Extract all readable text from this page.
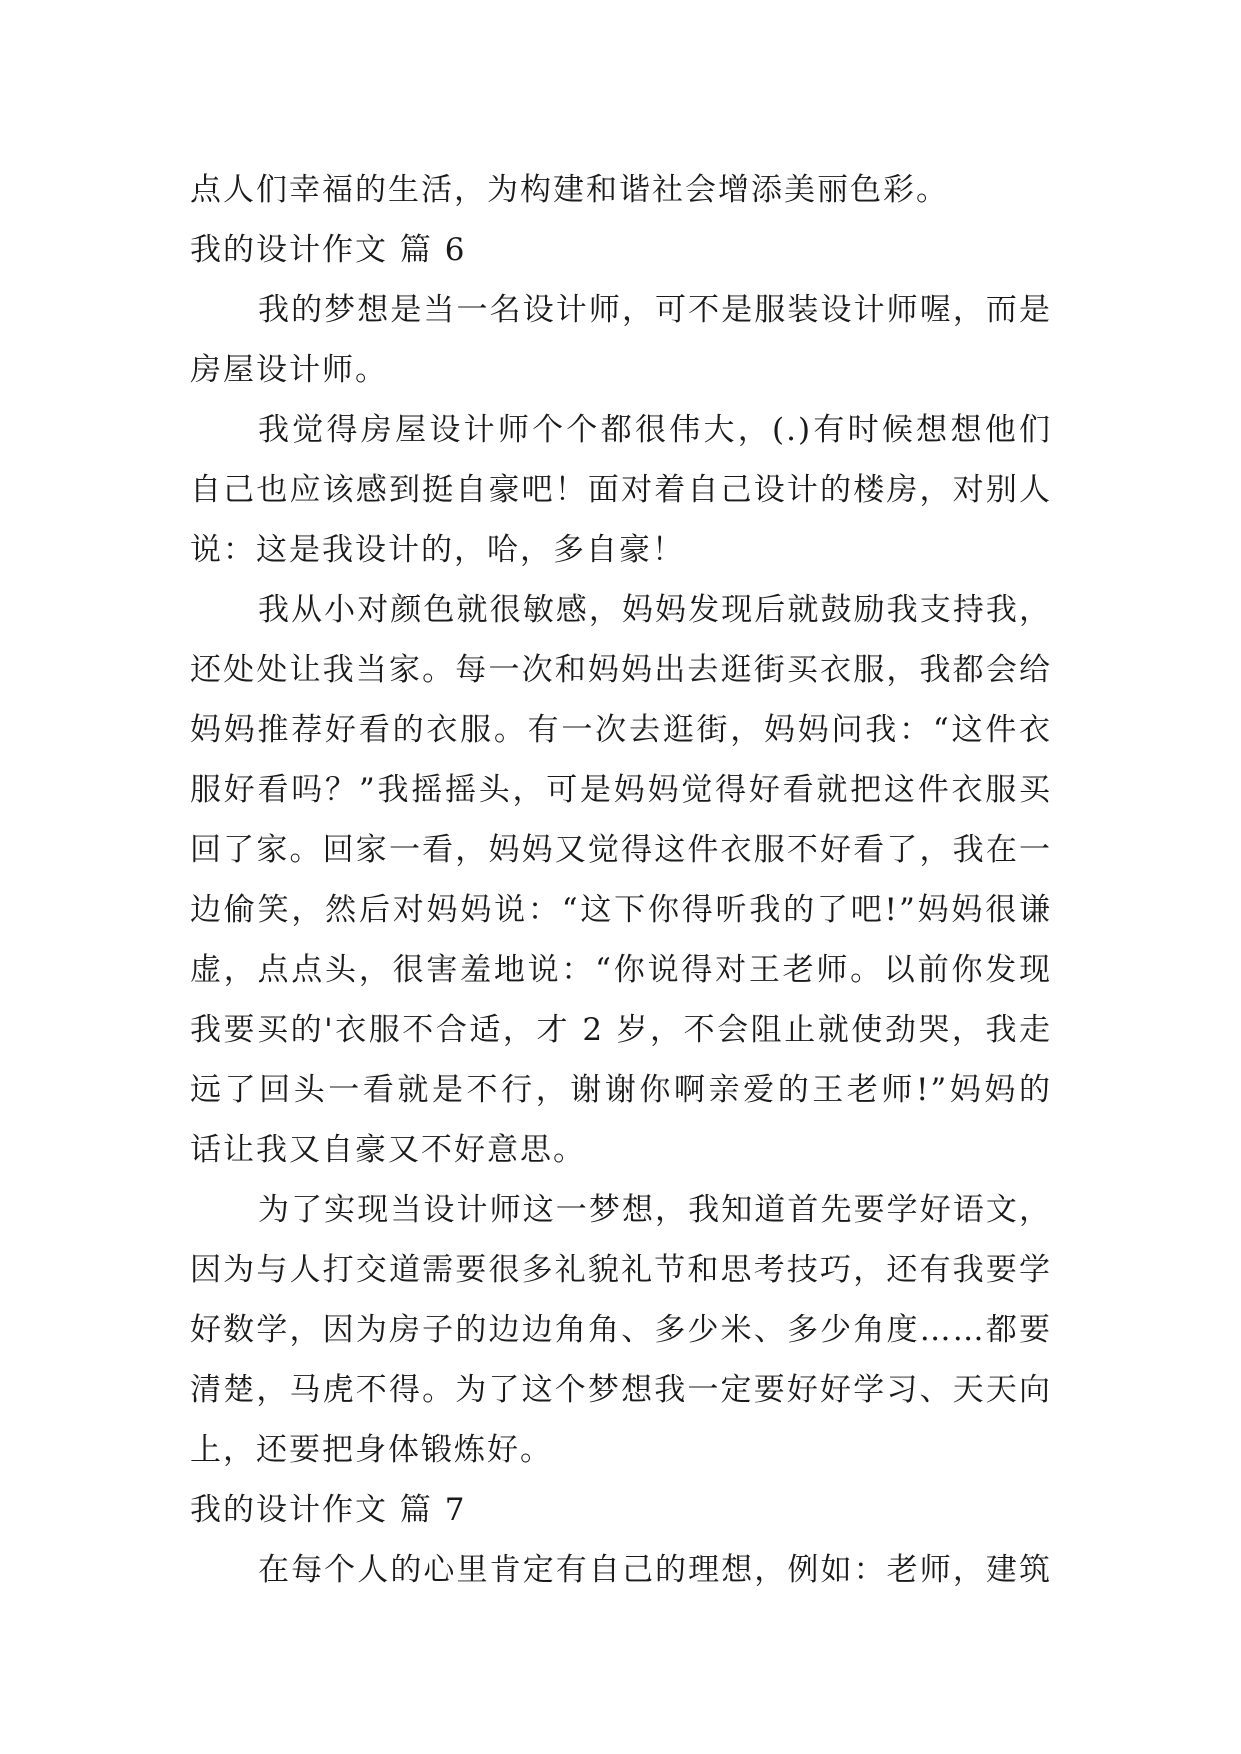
点人们幸福的生活，为构建和谐社会增添美丽色彩。
我的设计作文 篇 6
我的梦想是当一名设计师，可不是服装设计师喔，而是
房屋设计师。
我觉得房屋设计师个个都很伟大，(.)有时候想想他们
自己也应该感到挺自豪吧！面对着自己设计的楼房，对别人
说：这是我设计的，哈，多自豪！
我从小对颜色就很敏感，妈妈发现后就鼓励我支持我，
还处处让我当家。每一次和妈妈出去逛街买衣服，我都会给
妈妈推荐好看的衣服。有一次去逛街，妈妈问我：“这件衣
服好看吗？”我摇摇头，可是妈妈觉得好看就把这件衣服买
回了家。回家一看，妈妈又觉得这件衣服不好看了，我在一
边偷笑，然后对妈妈说：“这下你得听我的了吧!”妈妈很谦
虚，点点头，很害羞地说：“你说得对王老师。以前你发现
我要买的'衣服不合适，才 2 岁，不会阻止就使劲哭，我走
远了回头一看就是不行，谢谢你啊亲爱的王老师!”妈妈的
话让我又自豪又不好意思。
为了实现当设计师这一梦想，我知道首先要学好语文，
因为与人打交道需要很多礼貌礼节和思考技巧，还有我要学
好数学，因为房子的边边角角、多少米、多少角度……都要
清楚，马虎不得。为了这个梦想我一定要好好学习、天天向
上，还要把身体锻炼好。
我的设计作文 篇 7
在每个人的心里肯定有自己的理想，例如：老师，建筑
